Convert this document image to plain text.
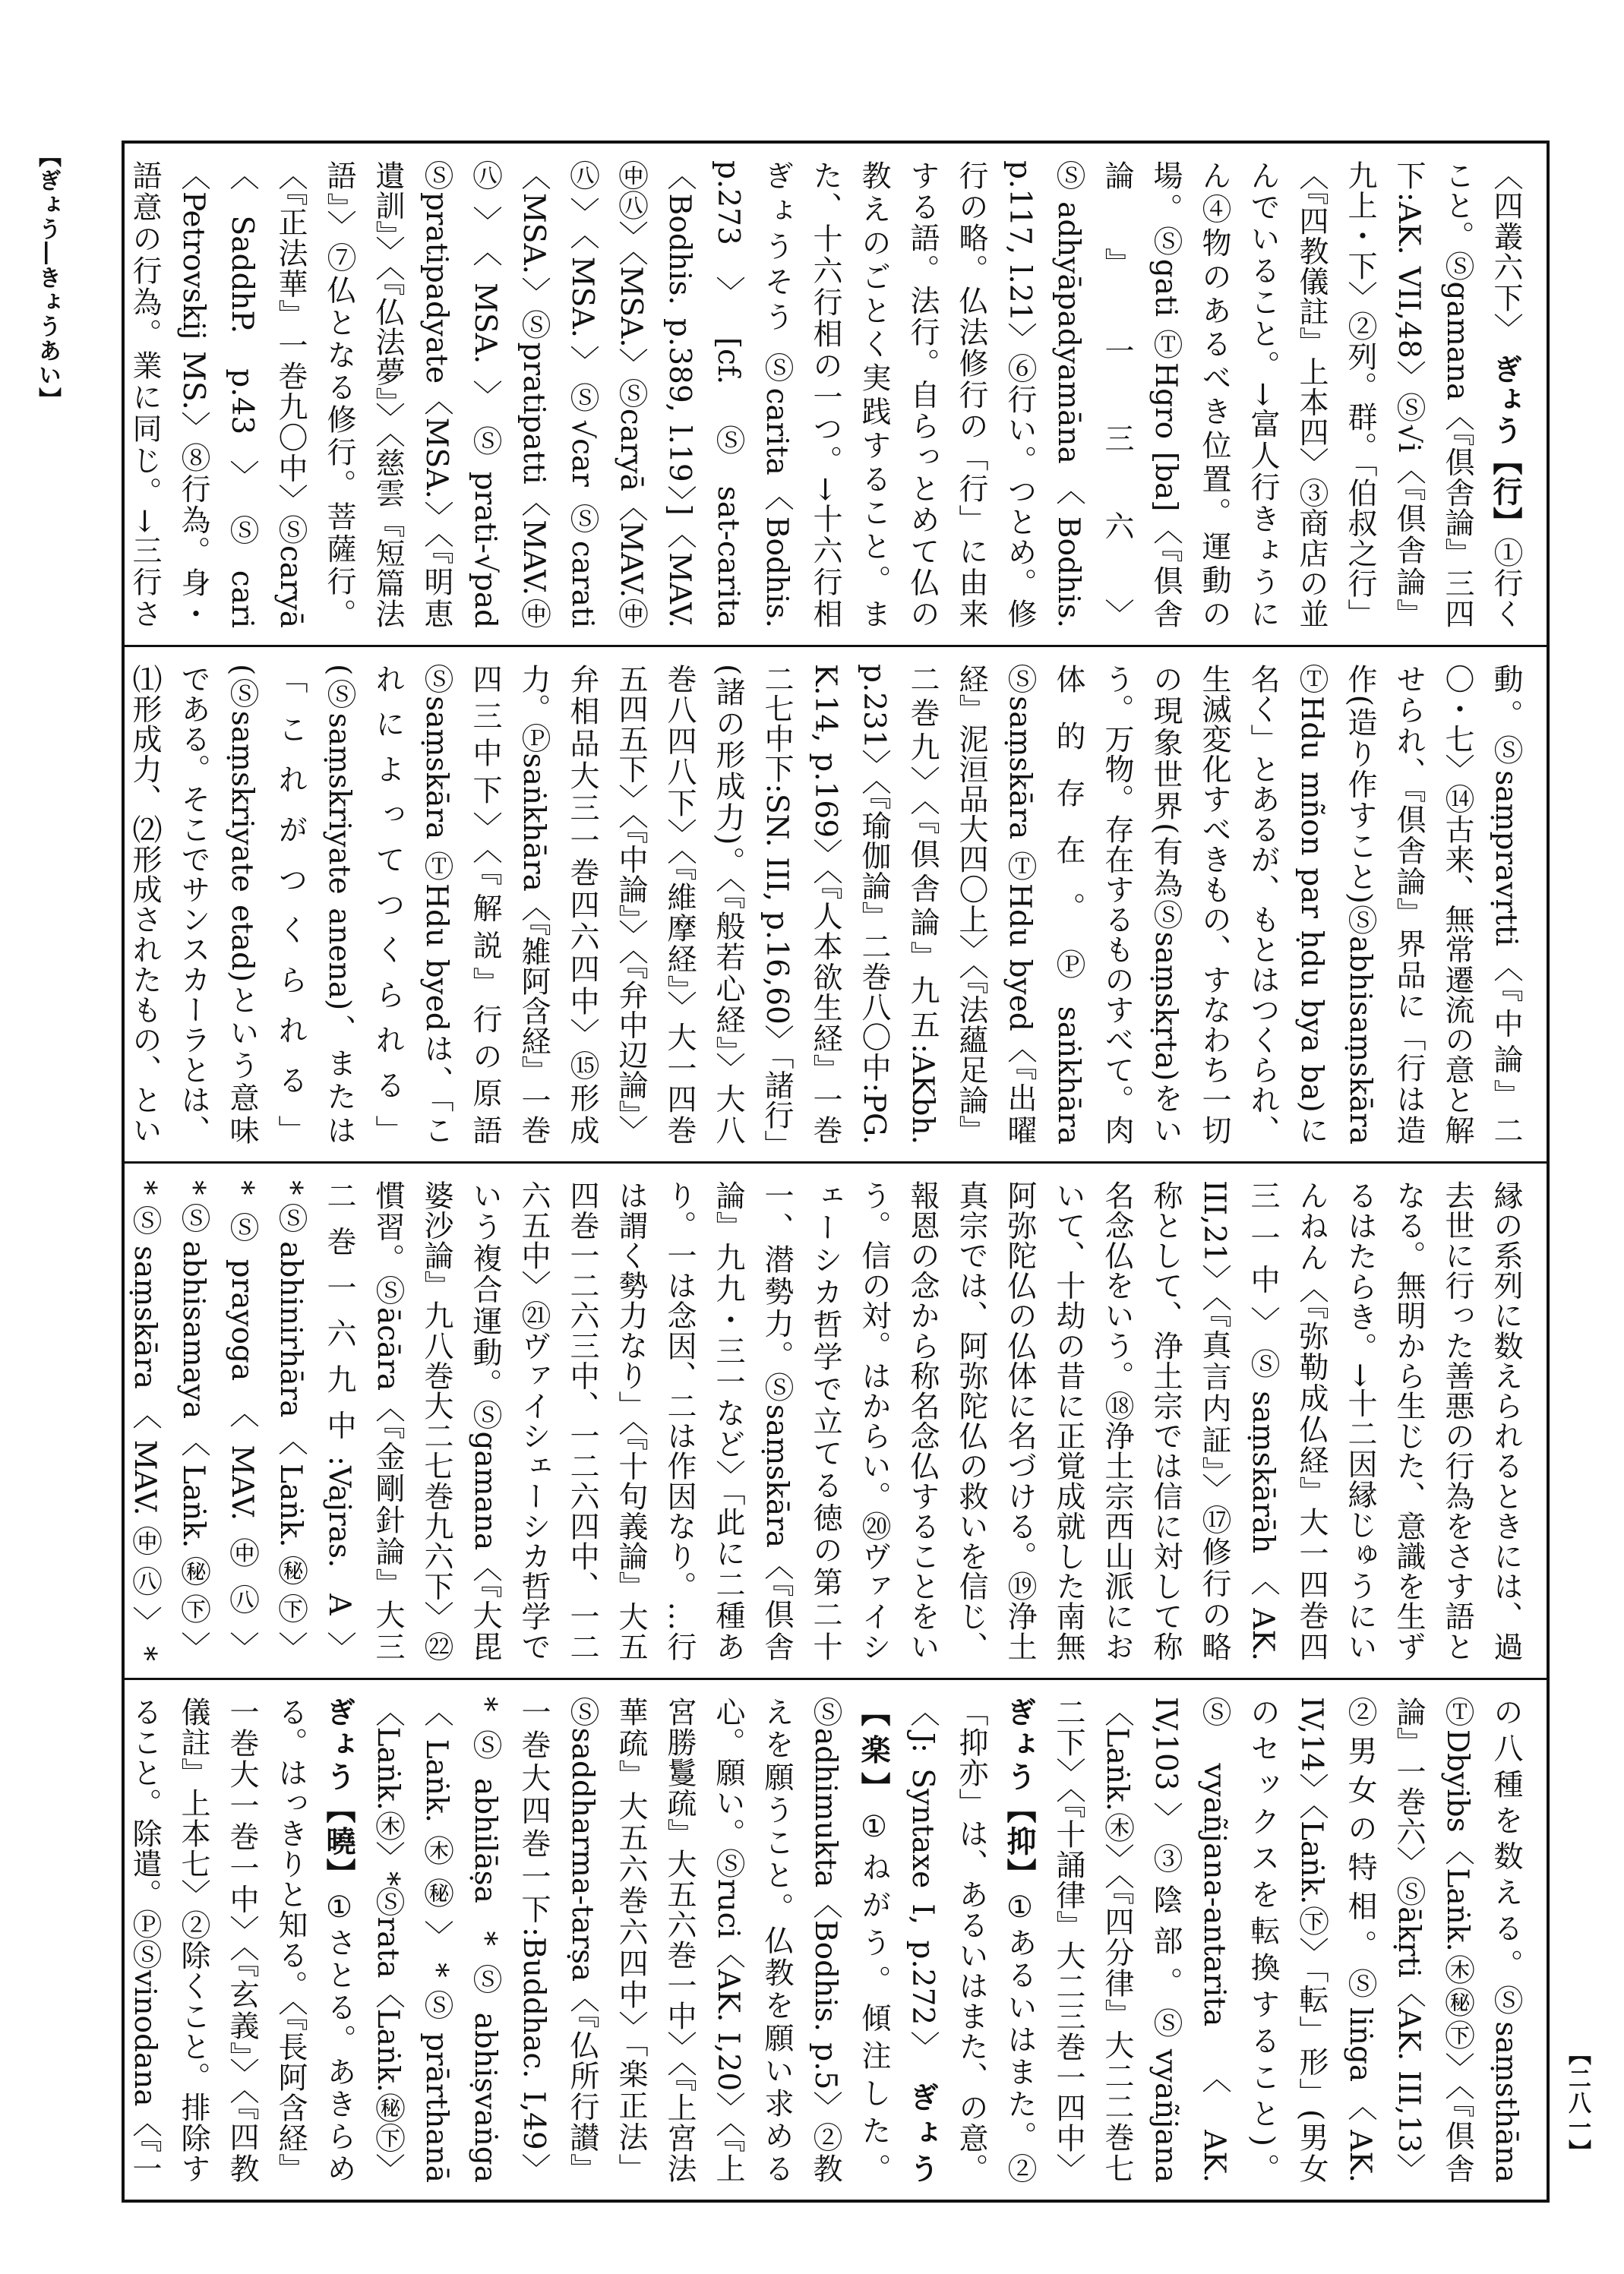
【ぎょう―きょうあい】
【二八一】
〈四叢六下〉 ぎょう【行】①行くこと。Ⓢgamana〈『倶舎論』三四下:AK. VII,48〉Ⓢ√i〈『倶舎論』九上・下〉②列。群。「伯叔之行」〈『四教儀註』上本四〉③商店の並んでいること。→富人行きょうにん④物のあるべき位置。運動の場。Ⓢgati ⓉHgro [ba]〈『倶舎論』一三六〉Ⓢadhyāpadyamāna〈Bodhis. p.117, l.21〉⑥行い。つとめ。修行の略。仏法修行の「行」に由来する語。法行。自らっとめて仏の教えのごとく実践すること。また、十六行相の一つ。→十六行相ぎょうそう Ⓢcarita〈Bodhis. p.273〉[cf. Ⓢsat-carita〈Bodhis. p.389, l.19〉]〈MAV.㊥㊇〉〈MSA.〉Ⓢcaryā〈MAV.㊥㊇〉〈MSA.〉Ⓢ√car Ⓢcarati〈MSA.〉Ⓢpratipatti〈MAV.㊥㊇〉〈MSA.〉Ⓢprati-√pad Ⓢpratipadyate〈MSA.〉〈『明恵遺訓』〉〈『仏法夢』〉〈慈雲『短篇法語』〉⑦仏となる修行。菩薩行。〈『正法華』一巻九〇中〉Ⓢcaryā〈SaddhP. p.43〉Ⓢcari〈Petrovskij MS.〉⑧行為。身・語意の行為。業に同じ。→三行さ
動。Ⓢsaṃpravṛtti〈『中論』二〇・七〉⑭古来、無常遷流の意と解せられ、『倶舎論』界品に「行は造作(造り作すこと)Ⓢabhisaṃskāra ⓉHdu mñon par ḥdu bya ba)に名く」とあるが、もとはつくられ、生滅変化すべきもの、すなわち一切の現象世界(有為Ⓢsaṃskṛta)をいう。万物。存在するものすべて。肉体的存在。Ⓟsaṅkhāra Ⓢsaṃskāra ⓉHdu byed〈『出曜経』泥洹品大四〇上〉〈『法蘊足論』二巻九〉〈『倶舎論』九五:AKbh. p.231〉〈『瑜伽論』二巻八〇中:PG. K.14, p.169〉〈『人本欲生経』一巻二七中下:SN. III, p.16,60〉「諸行」(諸の形成力)。〈『般若心経』〉大八巻八四八下〉〈『維摩経』〉大一四巻五四五下〉〈『中論』〉〈『弁中辺論』〉弁相品大三一巻四六四中〉⑮形成力。Ⓟsaṅkhāra〈『雑阿含経』一巻四三中下〉〈『解説』行の原語Ⓢsaṃskāra ⓉHdu byedは、「これによってつくられる」(Ⓢsaṃskriyate anena)、または「これがつくられる」(Ⓢsaṃskriyate etad)という意味である。そこでサンスカーラとは、⑴形成力、⑵形成されたもの、とい
縁の系列に数えられるときには、過去世に行った善悪の行為をさす語となる。無明から生じた、意識を生ずるはたらき。→十二因縁じゅうにいんねん〈『弥勒成仏経』大一四巻四三一中〉Ⓢsaṃskārāh〈AK. III,21〉〈『真言内証』〉⑰修行の略称として、浄土宗では信に対して称名念仏をいう。⑱浄土宗西山派において、十劫の昔に正覚成就した南無阿弥陀仏の仏体に名づける。⑲浄土真宗では、阿弥陀仏の救いを信じ、報恩の念から称名念仏することをいう。信の対。はからい。⑳ヴァイシェーシカ哲学で立てる徳の第二十一、潜勢力。Ⓢsaṃskāra〈『倶舎論』九九・三一など〉「此に二種あり。一は念因、二は作因なり。…行は謂く勢力なり」〈『十句義論』大五四巻一二六三中、一二六四中、一二六五中〉㉑ヴァイシェーシカ哲学でいう複合運動。Ⓢgamana〈『大毘婆沙論』九八巻大二七巻九六下〉㉒慣習。Ⓢācāra〈『金剛針論』大三二巻一六九中:Vajras. A〉*Ⓢabhinirhāra〈Laṅk.㊙㊦〉*Ⓢprayoga〈MAV.㊥㊇〉*Ⓢabhisamaya〈Laṅk.㊙㊦〉*Ⓢsaṃskāra〈MAV.㊥㊇〉*
の八種を数える。Ⓢsaṃsthāna ⓉDbyibs〈Laṅk.㊍㊙㊦〉〈『倶舎論』一巻六〉Ⓢākṛti〈AK. III,13〉②男女の特相。Ⓢliṅga〈AK. IV,14〉〈Laṅk.㊦〉「転」形」(男女のセックスを転換すること)。Ⓢvyañjana-antarita〈AK. IV,103〉③陰部。Ⓢvyañjana〈Laṅk.㊍〉〈『四分律』大二二巻七二下〉〈『十誦律』大二三巻一四中〉 ぎょう【抑】①あるいはまた。②「抑亦」は、あるいはまた、の意。〈J: Syntaxe I, p.272〉 ぎょう【楽】①ねがう。傾注した。Ⓢadhimukta〈Bodhis. p.5〉②教えを願うこと。仏教を願い求める心。願い。Ⓢruci〈AK. I,20〉〈『上宮勝鬘疏』大五六巻一中〉〈『上宮法華疏』大五六巻六四中〉「楽正法」Ⓢsaddharma-tarṣa〈『仏所行讃』一巻大四巻一下:Buddhac. I,49〉*Ⓢabhilāṣa *Ⓢabhiṣvaṅga〈Laṅk.㊍㊙〉*Ⓢprārthanā〈Laṅk.㊍〉*Ⓢrata〈Laṅk.㊙㊦〉 ぎょう【曉】①さとる。あきらめる。はっきりと知る。〈『長阿含経』一巻大一巻一中〉〈『玄義』〉〈『四教儀註』上本七〉②除くこと。排除すること。除遣。ⓅⓈvinodana〈『一
